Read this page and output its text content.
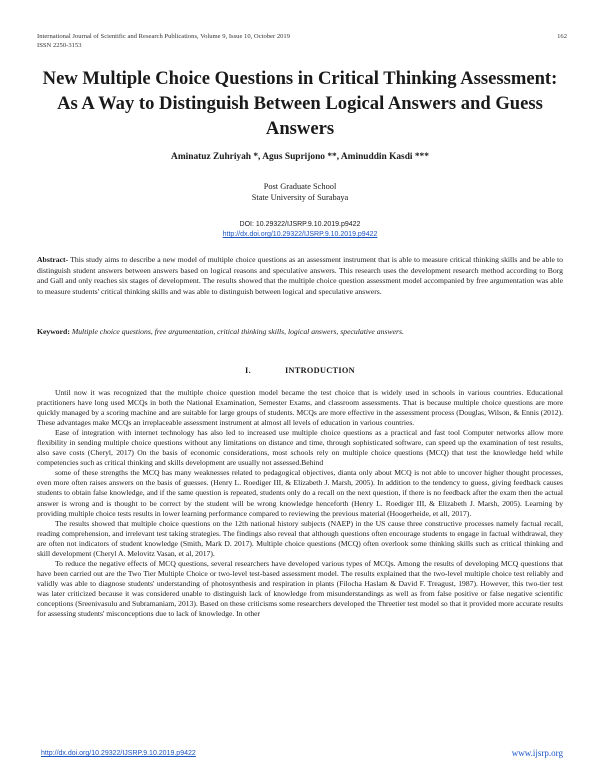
International Journal of Scientific and Research Publications, Volume 9, Issue 10, October 2019
ISSN 2250-3153
162
New Multiple Choice Questions in Critical Thinking Assessment: As A Way to Distinguish Between Logical Answers and Guess Answers
Aminatuz Zuhriyah *, Agus Suprijono **, Aminuddin Kasdi ***
Post Graduate School
State University of Surabaya
DOI: 10.29322/IJSRP.9.10.2019.p9422
http://dx.doi.org/10.29322/IJSRP.9.10.2019.p9422
Abstract- This study aims to describe a new model of multiple choice questions as an assessment instrument that is able to measure critical thinking skills and be able to distinguish student answers between answers based on logical reasons and speculative answers. This research uses the development research method according to Borg and Gall and only reaches six stages of development. The results showed that the multiple choice question assessment model accompanied by free argumentation was able to measure students' critical thinking skills and was able to distinguish between logical and speculative answers.
Keyword: Multiple choice questions, free argumentation, critical thinking skills, logical answers, speculative answers.
I.	INTRODUCTION

Until now it was recognized that the multiple choice question model became the test choice that is widely used in schools in various countries. Educational practitioners have long used MCQs in both the National Examination, Semester Exams, and classroom assessments. That is because multiple choice questions are more quickly managed by a scoring machine and are suitable for large groups of students. MCQs are more effective in the assessment process (Douglas, Wilson, & Ennis (2012). These advantages make MCQs an irreplaceable assessment instrument at almost all levels of education in various countries.

Ease of integration with internet technology has also led to increased use multiple choice questions as a practical and fast tool Computer networks allow more flexibility in sending multiple choice questions without any limitations on distance and time, through sophisticated software, can speed up the examination of test results, also save costs (Cheryl, 2017) On the basis of economic considerations, most schools rely on multiple choice questions (MCQ) that test the knowledge held while competencies such as critical thinking and skills development are usually not assessed.Behind

some of these strengths the MCQ has many weaknesses related to pedagogical objectives, dianta only about MCQ is not able to uncover higher thought processes, even more often raises answers on the basis of guesses. (Henry L. Roediger III, & Elizabeth J. Marsh, 2005). In addition to the tendency to guess, giving feedback causes students to obtain false knowledge, and if the same question is repeated, students only do a recall on the next question, if there is no feedback after the exam then the actual answer is wrong and is thought to be correct by the student will be wrong knowledge henceforth (Henry L. Roediger III, & Elizabeth J. Marsh, 2005). Learning by providing multiple choice tests results in lower learning performance compared to reviewing the previous material (Hoogerheide, et all, 2017).

The results showed that multiple choice questions on the 12th national history subjects (NAEP) in the US cause three constructive processes namely factual recall, reading comprehension, and irrelevant test taking strategies. The findings also reveal that although questions often encourage students to engage in factual withdrawal, they are often not indicators of student knowledge (Smith, Mark D. 2017). Multiple choice questions (MCQ) often overlook some thinking skills such as critical thinking and skill development (Cheryl A. Melovitz Vasan, et al, 2017).

To reduce the negative effects of MCQ questions, several researchers have developed various types of MCQs. Among the results of developing MCQ questions that have been carried out are the Two Tier Multiple Choice or two-level test-based assessment model. The results explained that the two-level multiple choice test reliably and validly was able to diagnose students' understanding of photosynthesis and respiration in plants (Filocha Haslam & David F. Treagust, 1987). However, this two-tier test was later criticized because it was considered unable to distinguish lack of knowledge from misunderstandings as well as from false positive or false negative scientific conceptions (Sreenivasulu and Subramaniam, 2013). Based on these criticisms some researchers developed the Threetier test model so that it provided more accurate results for assessing students' misconceptions due to lack of knowledge. In other

http://dx.doi.org/10.29322/IJSRP.9.10.2019.p9422	www.ijsrp.org
